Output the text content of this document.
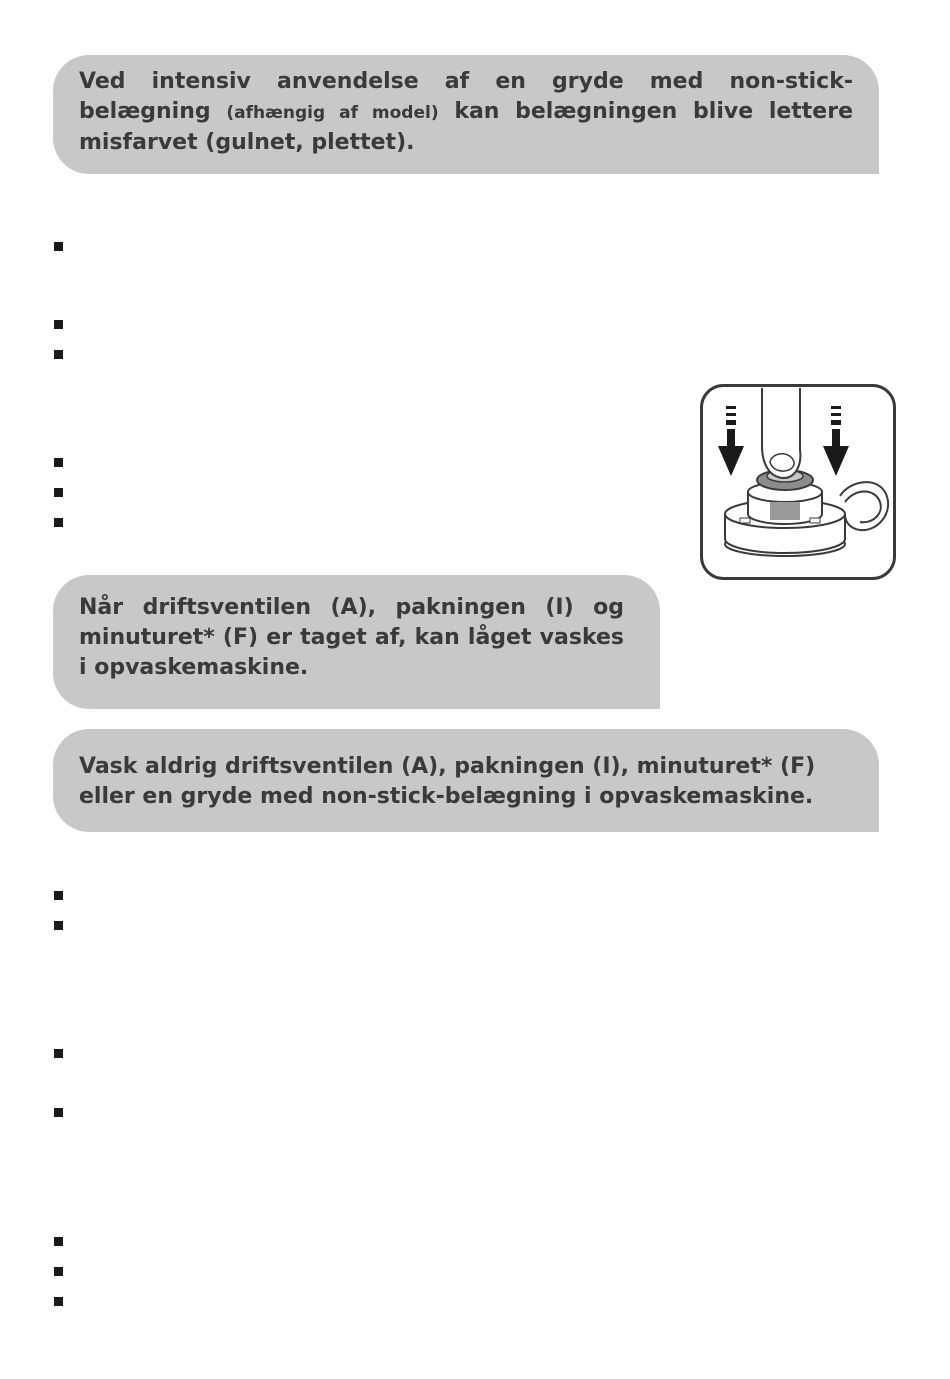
Ved intensiv anvendelse af en gryde med non-stick-belægning (afhængig af model) kan belægningen blive lettere misfarvet (gulnet, plettet).
Når driftsventilen (A), pakningen (I) og minuturet* (F) er taget af, kan låget vaskes i opvaskemaskine.
Vask aldrig driftsventilen (A), pakningen (I), minuturet* (F) eller en gryde med non-stick-belægning i opvaskemaskine.
